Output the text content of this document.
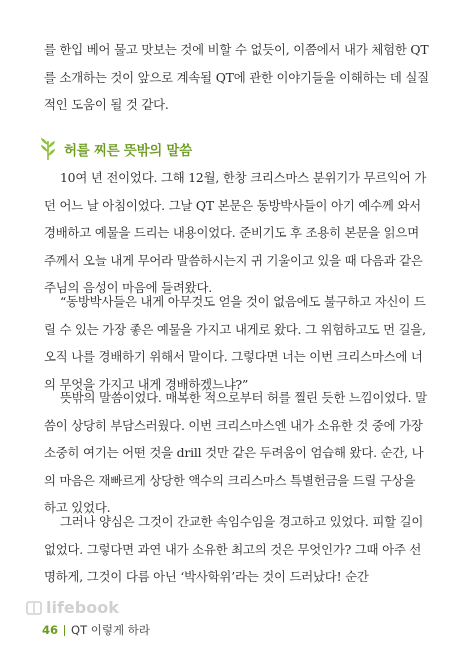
를 한입 베어 물고 맛보는 것에 비할 수 없듯이, 이쯤에서 내가 체험한 QT를 소개하는 것이 앞으로 계속될 QT에 관한 이야기들을 이해하는 데 실질적인 도움이 될 것 같다.

허를 찌른 뜻밖의 말씀

10여 년 전이었다. 그해 12월, 한창 크리스마스 분위기가 무르익어 가던 어느 날 아침이었다. 그날 QT 본문은 동방박사들이 아기 예수께 와서 경배하고 예물을 드리는 내용이었다. 준비기도 후 조용히 본문을 읽으며 주께서 오늘 내게 무어라 말씀하시는지 귀 기울이고 있을 때 다음과 같은 주님의 음성이 마음에 들려왔다.

“동방박사들은 내게 아무것도 얻을 것이 없음에도 불구하고 자신이 드릴 수 있는 가장 좋은 예물을 가지고 내게로 왔다. 그 위험하고도 먼 길을, 오직 나를 경배하기 위해서 말이다. 그렇다면 너는 이번 크리스마스에 너의 무엇을 가지고 내게 경배하겠느냐?”

뜻밖의 말씀이었다. 매복한 적으로부터 허를 찔린 듯한 느낌이었다. 말씀이 상당히 부담스러웠다. 이번 크리스마스엔 내가 소유한 것 중에 가장 소중히 여기는 어떤 것을 drill 것만 같은 두려움이 엄습해 왔다. 순간, 나의 마음은 재빠르게 상당한 액수의 크리스마스 특별헌금을 드릴 구상을 하고 있었다.

그러나 양심은 그것이 간교한 속임수임을 경고하고 있었다. 피할 길이 없었다. 그렇다면 과연 내가 소유한 최고의 것은 무엇인가? 그때 아주 선명하게, 그것이 다름 아닌 ‘박사학위’라는 것이 드러났다! 순간

lifebook
46 QT 이렇게 하라
